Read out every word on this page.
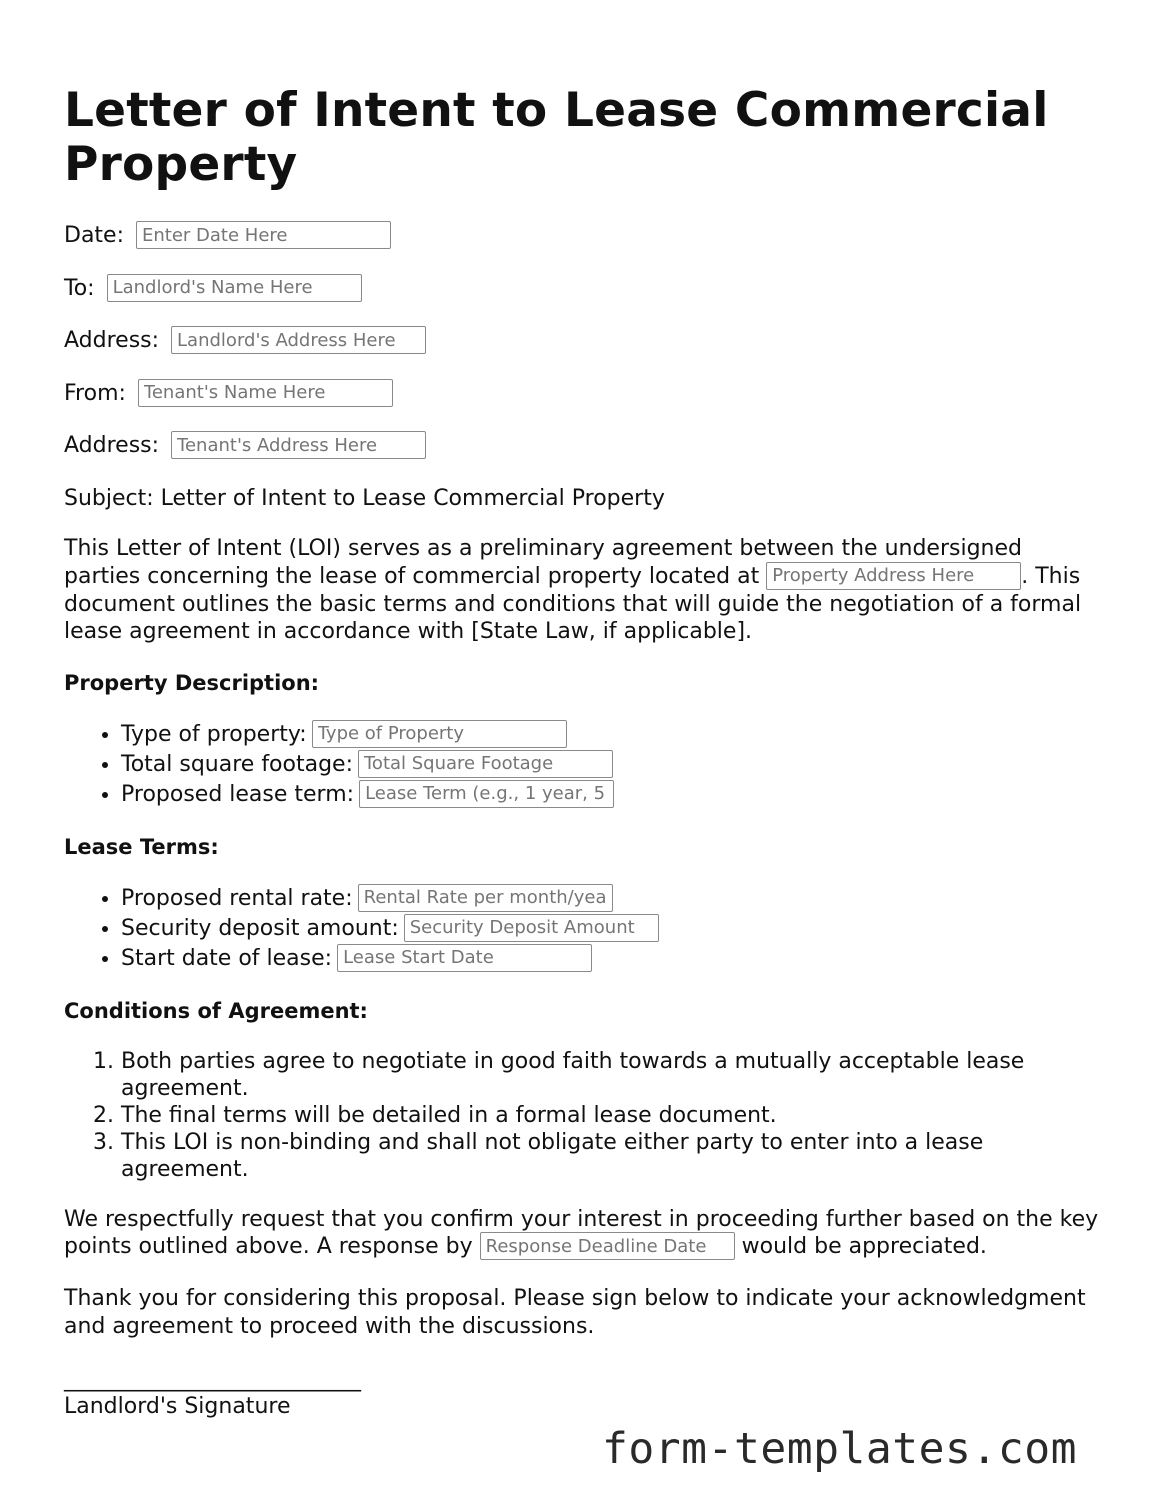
Letter of Intent to Lease Commercial Property
Date: Enter Date Here
To: Landlord's Name Here
Address: Landlord's Address Here
From: Tenant's Name Here
Address: Tenant's Address Here

Subject: Letter of Intent to Lease Commercial Property

This Letter of Intent (LOI) serves as a preliminary agreement between the undersigned parties concerning the lease of commercial property located at Property Address Here	. This document outlines the basic terms and conditions that will guide the negotiation of a formal lease agreement in accordance with [State Law, if applicable].

Property Description:
• Type of property:Type of Property
• Total square footage:Total Square Footage
• Proposed lease term:Lease Term (e.g., 1 year, 5 years)
Lease Terms:
• Proposed rental rate:Rental Rate per month/year
• Security deposit amount:Security Deposit Amount
• Start date of lease:Lease Start Date
Conditions of Agreement:
1. Both parties agree to negotiate in good faith towards a mutually acceptable lease agreement.
2. The final terms will be detailed in a formal lease document.
3. This LOI is non-binding and shall not obligate either party to enter into a lease agreement.

We respectfully request that you confirm your interest in proceeding further based on the key points outlined above. A response by Response Deadline Date	would be appreciated.

Thank you for considering this proposal. Please sign below to indicate your acknowledgment and agreement to proceed with the discussions.

___________________________
Landlord's Signature
form-templates.com
